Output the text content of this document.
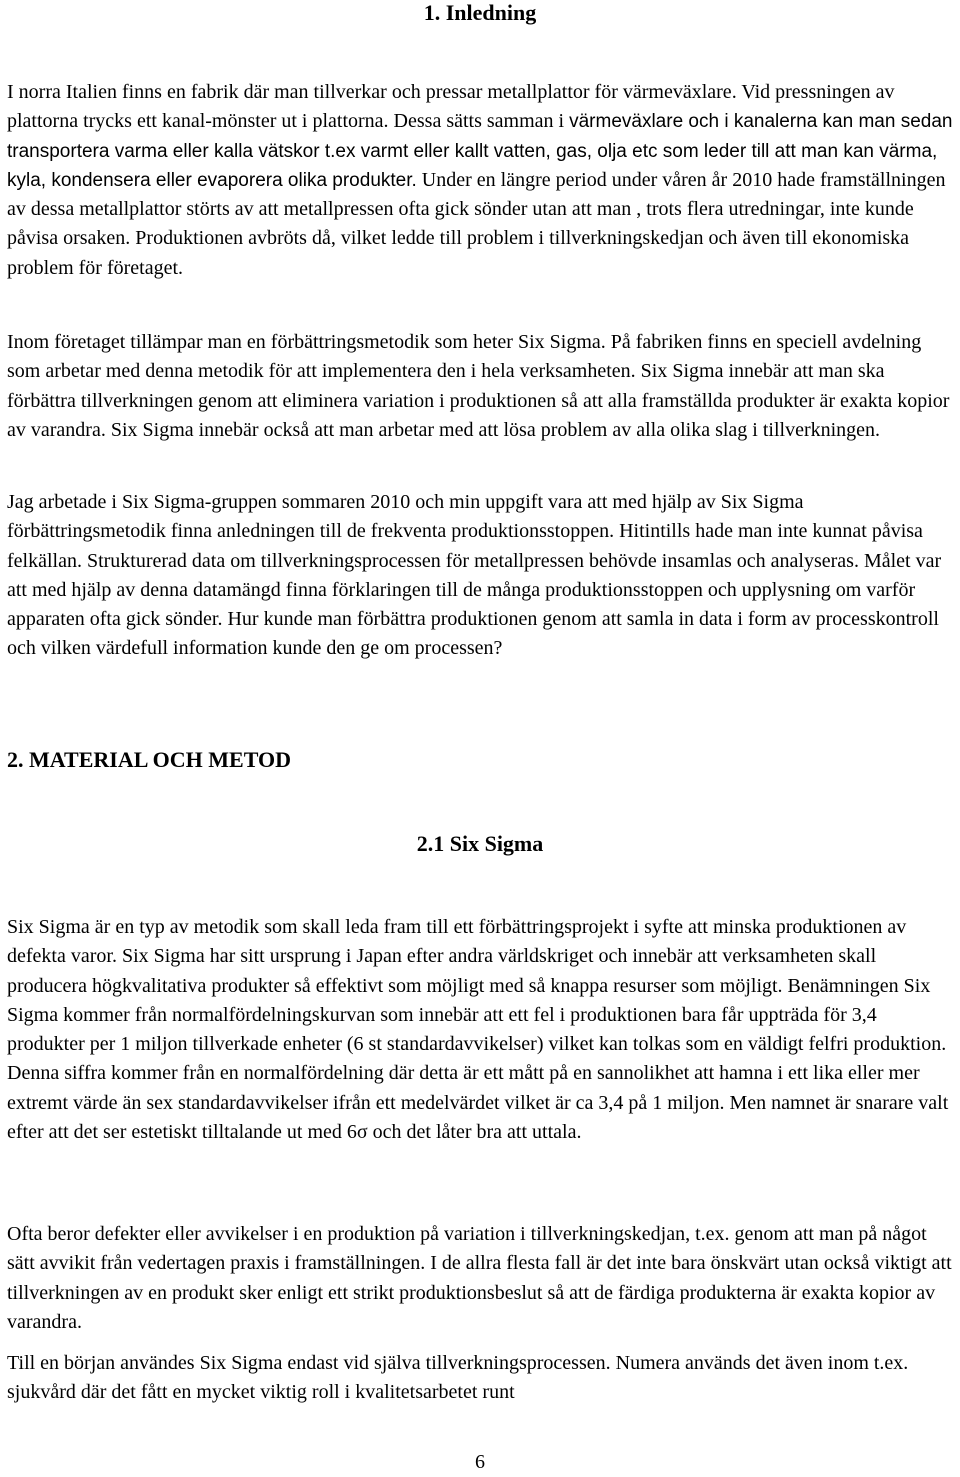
1. Inledning

I norra Italien finns en fabrik där man tillverkar och pressar metallplattor för värmeväxlare. Vid pressningen av plattorna trycks ett kanal-mönster ut i plattorna. Dessa sätts samman i värmeväxlare och i kanalerna kan man sedan transportera varma eller kalla vätskor t.ex varmt eller kallt vatten, gas, olja etc som leder till att man kan värma, kyla, kondensera eller evaporera olika produkter. Under en längre period under våren år 2010 hade framställningen av dessa metallplattor störts av att metallpressen ofta gick sönder utan att man , trots flera utredningar, inte kunde påvisa orsaken. Produktionen avbröts då, vilket ledde till problem i tillverkningskedjan och även till ekonomiska problem för företaget.

Inom företaget tillämpar man en förbättringsmetodik som heter Six Sigma. På fabriken finns en speciell avdelning som arbetar med denna metodik för att implementera den i hela verksamheten. Six Sigma innebär att man ska förbättra tillverkningen genom att eliminera variation i produktionen så att alla framställda produkter är exakta kopior av varandra. Six Sigma innebär också att man arbetar med att lösa problem av alla olika slag i tillverkningen.

Jag arbetade i Six Sigma-gruppen sommaren 2010 och min uppgift vara att med hjälp av Six Sigma förbättringsmetodik finna anledningen till de frekventa produktionsstoppen. Hitintills hade man inte kunnat påvisa felkällan. Strukturerad data om tillverkningsprocessen för metallpressen behövde insamlas och analyseras. Målet var att med hjälp av denna datamängd finna förklaringen till de många produktionsstoppen och upplysning om varför apparaten ofta gick sönder. Hur kunde man förbättra produktionen genom att samla in data i form av processkontroll och vilken värdefull information kunde den ge om processen?

2. MATERIAL OCH METOD
2.1 Six Sigma

Six Sigma är en typ av metodik som skall leda fram till ett förbättringsprojekt i syfte att minska produktionen av defekta varor. Six Sigma har sitt ursprung i Japan efter andra världskriget och innebär att verksamheten skall producera högkvalitativa produkter så effektivt som möjligt med så knappa resurser som möjligt. Benämningen Six Sigma kommer från normalfördelningskurvan som innebär att ett fel i produktionen bara får uppträda för 3,4 produkter per 1 miljon tillverkade enheter (6 st standardavvikelser) vilket kan tolkas som en väldigt felfri produktion. Denna siffra kommer från en normalfördelning där detta är ett mått på en sannolikhet att hamna i ett lika eller mer extremt värde än sex standardavvikelser ifrån ett medelvärdet vilket är ca 3,4 på 1 miljon. Men namnet är snarare valt efter att det ser estetiskt tilltalande ut med 6σ och det låter bra att uttala.

Ofta beror defekter eller avvikelser i en produktion på variation i tillverkningskedjan, t.ex. genom att man på något sätt avvikit från vedertagen praxis i framställningen. I de allra flesta fall är det inte bara önskvärt utan också viktigt att tillverkningen av en produkt sker enligt ett strikt produktionsbeslut så att de färdiga produkterna är exakta kopior av varandra.

Till en början användes Six Sigma endast vid själva tillverkningsprocessen. Numera används det även inom t.ex. sjukvård där det fått en mycket viktig roll i kvalitetsarbetet runt

6
